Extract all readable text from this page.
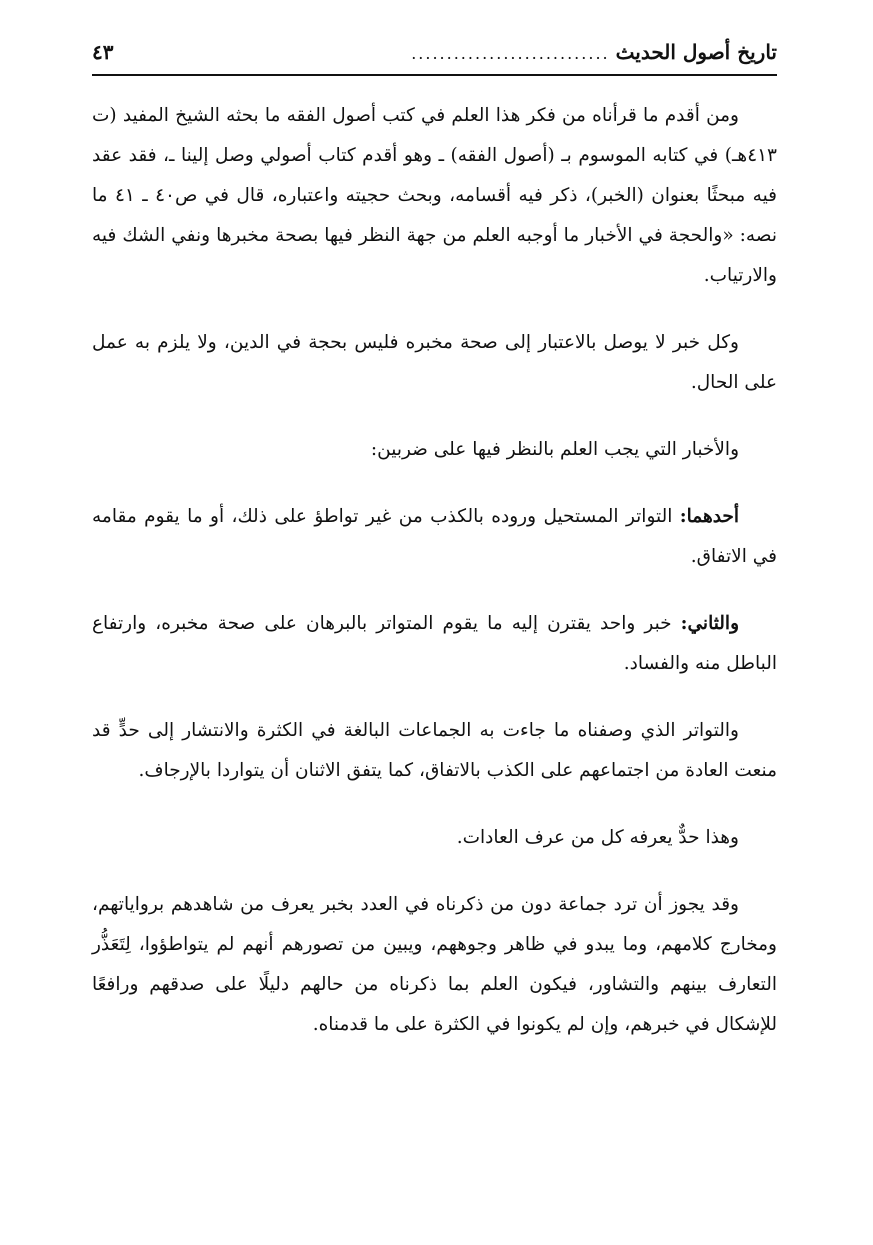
تاريخ أصول الحديث
............................
٤٣

ومن أقدم ما قرأناه من فكر هذا العلم في كتب أصول الفقه ما بحثه الشيخ المفيد (ت ٤١٣هـ) في كتابه الموسوم بـ (أصول الفقه) ـ وهو أقدم كتاب أصولي وصل إلينا ـ، فقد عقد فيه مبحثًا بعنوان (الخبر)، ذكر فيه أقسامه، وبحث حجيته واعتباره، قال في ص٤٠ ـ ٤١ ما نصه: «والحجة في الأخبار ما أوجبه العلم من جهة النظر فيها بصحة مخبرها ونفي الشك فيه والارتياب.

وكل خبر لا يوصل بالاعتبار إلى صحة مخبره فليس بحجة في الدين، ولا يلزم به عمل على الحال.

والأخبار التي يجب العلم بالنظر فيها على ضربين:

أحدهما: التواتر المستحيل وروده بالكذب من غير تواطؤ على ذلك، أو ما يقوم مقامه في الاتفاق.

والثاني: خبر واحد يقترن إليه ما يقوم المتواتر بالبرهان على صحة مخبره، وارتفاع الباطل منه والفساد.

والتواتر الذي وصفناه ما جاءت به الجماعات البالغة في الكثرة والانتشار إلى حدٍّ قد منعت العادة من اجتماعهم على الكذب بالاتفاق، كما يتفق الاثنان أن يتواردا بالإرجاف.

وهذا حدٌّ يعرفه كل من عرف العادات.

وقد يجوز أن ترد جماعة دون من ذكرناه في العدد بخبر يعرف من شاهدهم برواياتهم، ومخارج كلامهم، وما يبدو في ظاهر وجوههم، ويبين من تصورهم أنهم لم يتواطؤوا، لِتَعَذُّر التعارف بينهم والتشاور، فيكون العلم بما ذكرناه من حالهم دليلًا على صدقهم ورافعًا للإشكال في خبرهم، وإن لم يكونوا في الكثرة على ما قدمناه.
